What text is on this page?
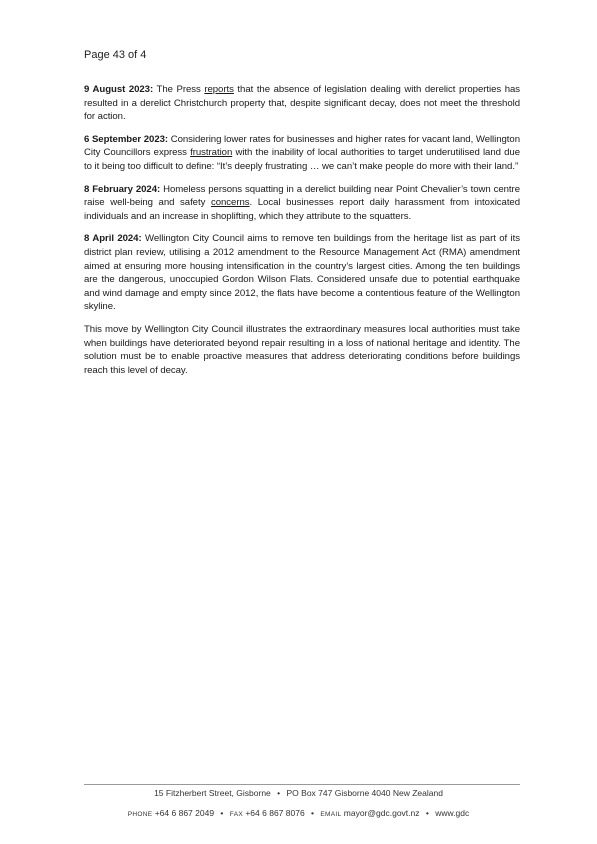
Page 43 of 4

9 August 2023: The Press reports that the absence of legislation dealing with derelict properties has resulted in a derelict Christchurch property that, despite significant decay, does not meet the threshold for action.

6 September 2023: Considering lower rates for businesses and higher rates for vacant land, Wellington City Councillors express frustration with the inability of local authorities to target underutilised land due to it being too difficult to define: “It’s deeply frustrating … we can’t make people do more with their land.”

8 February 2024: Homeless persons squatting in a derelict building near Point Chevalier’s town centre raise well-being and safety concerns. Local businesses report daily harassment from intoxicated individuals and an increase in shoplifting, which they attribute to the squatters.

8 April 2024: Wellington City Council aims to remove ten buildings from the heritage list as part of its district plan review, utilising a 2012 amendment to the Resource Management Act (RMA) amendment aimed at ensuring more housing intensification in the country’s largest cities. Among the ten buildings are the dangerous, unoccupied Gordon Wilson Flats. Considered unsafe due to potential earthquake and wind damage and empty since 2012, the flats have become a contentious feature of the Wellington skyline.

This move by Wellington City Council illustrates the extraordinary measures local authorities must take when buildings have deteriorated beyond repair resulting in a loss of national heritage and identity. The solution must be to enable proactive measures that address deteriorating conditions before buildings reach this level of decay.

15 Fitzherbert Street, Gisborne • PO Box 747 Gisborne 4040 New Zealand
PHONE +64 6 867 2049 • FAX +64 6 867 8076 • EMAIL mayor@gdc.govt.nz • www.gdc
